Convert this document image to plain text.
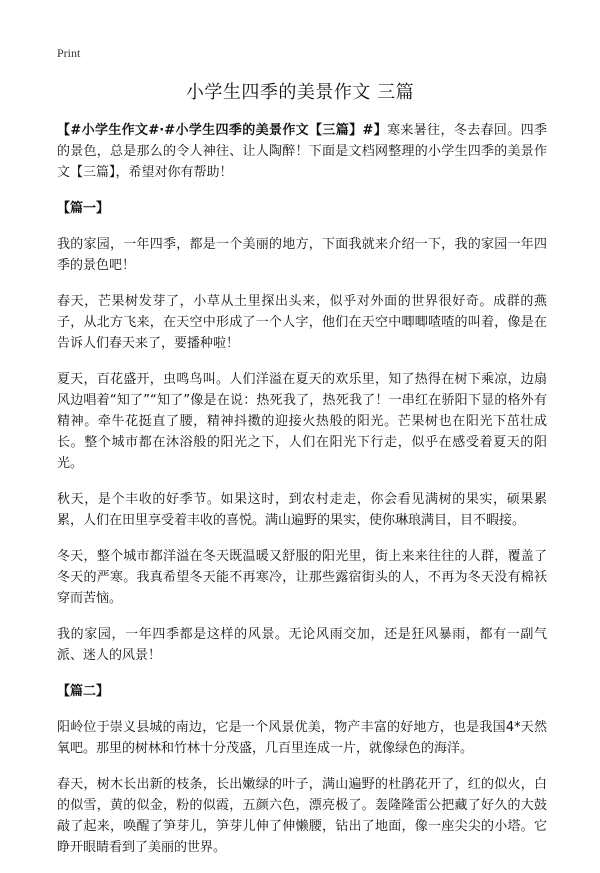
Print
小学生四季的美景作文 三篇

【#小学生作文#·#小学生四季的美景作文【三篇】#】寒来暑往，冬去春回。四季的景色，总是那么的令人神往、让人陶醉！下面是文档网整理的小学生四季的美景作文【三篇】，希望对你有帮助！

【篇一】

我的家园，一年四季，都是一个美丽的地方，下面我就来介绍一下，我的家园一年四季的景色吧！

春天，芒果树发芽了，小草从土里探出头来，似乎对外面的世界很好奇。成群的燕子，从北方飞来，在天空中形成了一个人字，他们在天空中唧唧喳喳的叫着，像是在告诉人们春天来了，要播种啦！

夏天，百花盛开，虫鸣鸟叫。人们洋溢在夏天的欢乐里，知了热得在树下乘凉，边扇风边唱着“知了”“知了”像是在说：热死我了，热死我了！一串红在骄阳下显的格外有精神。牵牛花挺直了腰，精神抖擞的迎接火热般的阳光。芒果树也在阳光下茁壮成长。整个城市都在沐浴般的阳光之下，人们在阳光下行走，似乎在感受着夏天的阳光。

秋天，是个丰收的好季节。如果这时，到农村走走，你会看见满树的果实，硕果累累，人们在田里享受着丰收的喜悦。满山遍野的果实，使你琳琅满目，目不暇接。

冬天，整个城市都洋溢在冬天既温暖又舒服的阳光里，街上来来往往的人群，覆盖了冬天的严寒。我真希望冬天能不再寒冷，让那些露宿街头的人，不再为冬天没有棉袄穿而苦恼。

我的家园，一年四季都是这样的风景。无论风雨交加，还是狂风暴雨，都有一副气派、迷人的风景！

【篇二】

阳岭位于崇义县城的南边，它是一个风景优美，物产丰富的好地方，也是我国4*天然氧吧。那里的树林和竹林十分茂盛，几百里连成一片，就像绿色的海洋。

春天，树木长出新的枝条，长出嫩绿的叶子，满山遍野的杜鹃花开了，红的似火，白的似雪，黄的似金，粉的似霞，五颜六色，漂亮极了。轰隆隆雷公把藏了好久的大鼓敲了起来，唤醒了笋芽儿，笋芽儿伸了伸懒腰，钻出了地面，像一座尖尖的小塔。它睁开眼睛看到了美丽的世界。
